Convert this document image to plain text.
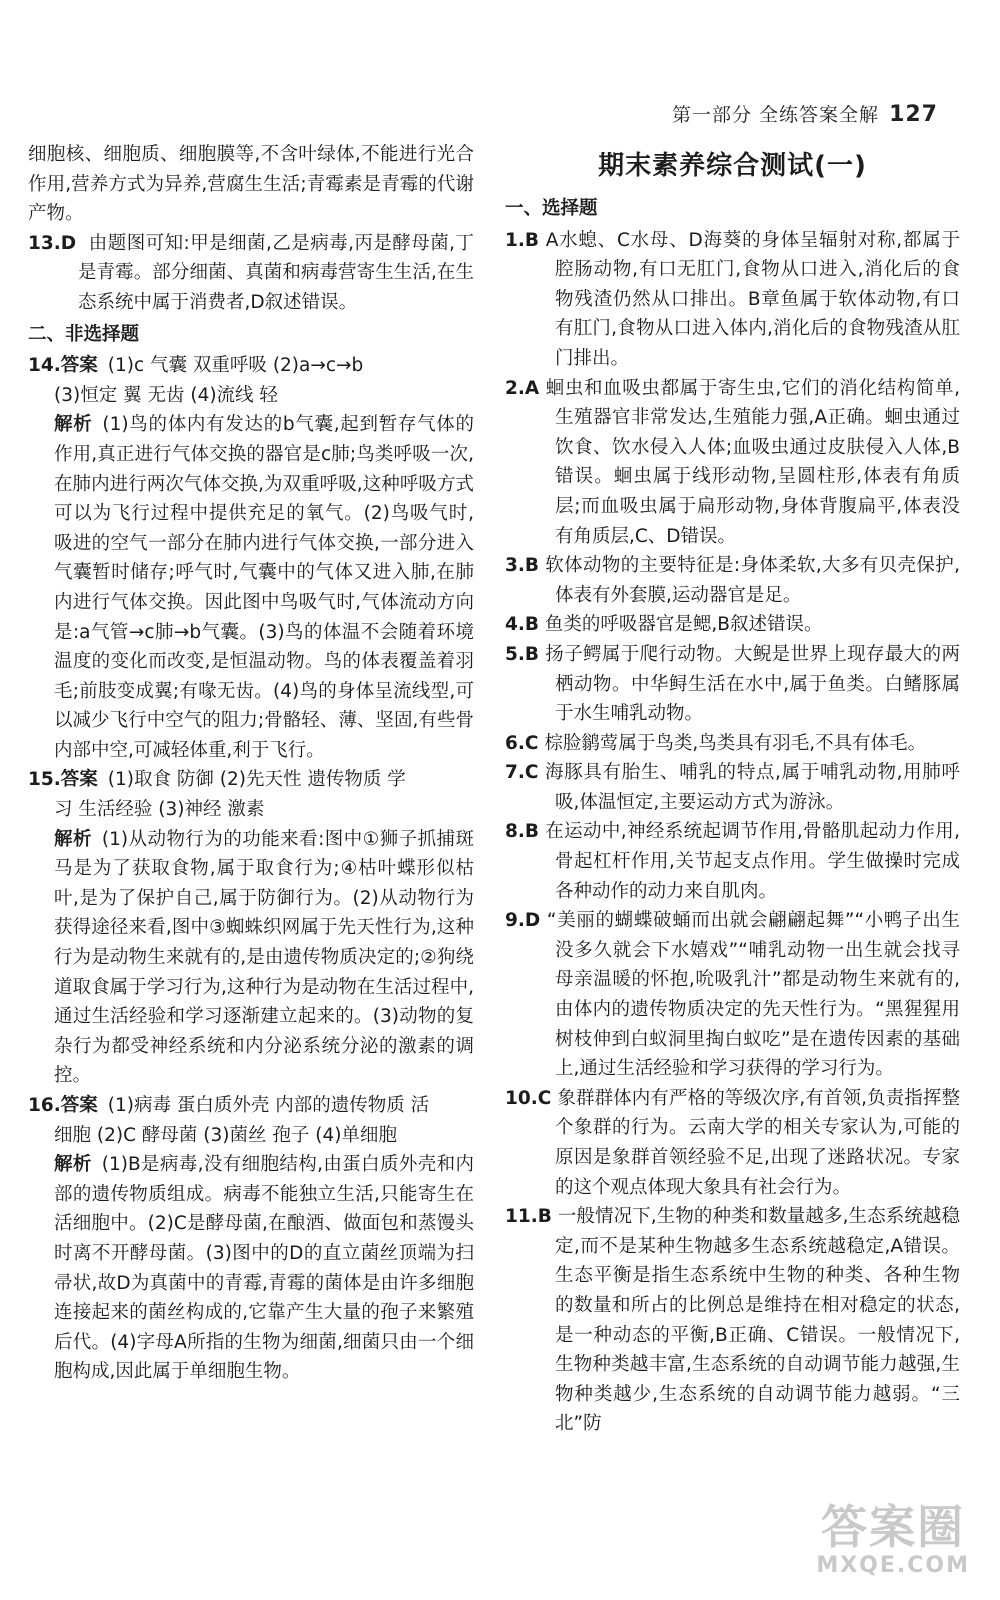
第一部分 全练答案全解 127

细胞核、细胞质、细胞膜等,不含叶绿体,不能进行光合作用,营养方式为异养,营腐生生活;青霉素是青霉的代谢产物。

13.D 由题图可知:甲是细菌,乙是病毒,丙是酵母菌,丁是青霉。部分细菌、真菌和病毒营寄生生活,在生态系统中属于消费者,D叙述错误。

二、非选择题

14.答案 (1)c 气囊 双重呼吸 (2)a→c→b

(3)恒定 翼 无齿 (4)流线 轻

解析 (1)鸟的体内有发达的b气囊,起到暂存气体的作用,真正进行气体交换的器官是c肺;鸟类呼吸一次,在肺内进行两次气体交换,为双重呼吸,这种呼吸方式可以为飞行过程中提供充足的氧气。(2)鸟吸气时,吸进的空气一部分在肺内进行气体交换,一部分进入气囊暂时储存;呼气时,气囊中的气体又进入肺,在肺内进行气体交换。因此图中鸟吸气时,气体流动方向是:a气管→c肺→b气囊。(3)鸟的体温不会随着环境温度的变化而改变,是恒温动物。鸟的体表覆盖着羽毛;前肢变成翼;有喙无齿。(4)鸟的身体呈流线型,可以减少飞行中空气的阻力;骨骼轻、薄、坚固,有些骨内部中空,可减轻体重,利于飞行。

15.答案 (1)取食 防御 (2)先天性 遗传物质 学

习 生活经验 (3)神经 激素

解析 (1)从动物行为的功能来看:图中①狮子抓捕斑马是为了获取食物,属于取食行为;④枯叶蝶形似枯叶,是为了保护自己,属于防御行为。(2)从动物行为获得途径来看,图中③蜘蛛织网属于先天性行为,这种行为是动物生来就有的,是由遗传物质决定的;②狗绕道取食属于学习行为,这种行为是动物在生活过程中,通过生活经验和学习逐渐建立起来的。(3)动物的复杂行为都受神经系统和内分泌系统分泌的激素的调控。

16.答案 (1)病毒 蛋白质外壳 内部的遗传物质 活

细胞 (2)C 酵母菌 (3)菌丝 孢子 (4)单细胞

解析 (1)B是病毒,没有细胞结构,由蛋白质外壳和内部的遗传物质组成。病毒不能独立生活,只能寄生在活细胞中。(2)C是酵母菌,在酿酒、做面包和蒸馒头时离不开酵母菌。(3)图中的D的直立菌丝顶端为扫帚状,故D为真菌中的青霉,青霉的菌体是由许多细胞连接起来的菌丝构成的,它靠产生大量的孢子来繁殖后代。(4)字母A所指的生物为细菌,细菌只由一个细胞构成,因此属于单细胞生物。

期末素养综合测试(一)

一、选择题

1.B A水螅、C水母、D海葵的身体呈辐射对称,都属于腔肠动物,有口无肛门,食物从口进入,消化后的食物残渣仍然从口排出。B章鱼属于软体动物,有口有肛门,食物从口进入体内,消化后的食物残渣从肛门排出。

2.A 蛔虫和血吸虫都属于寄生虫,它们的消化结构简单,生殖器官非常发达,生殖能力强,A正确。蛔虫通过饮食、饮水侵入人体;血吸虫通过皮肤侵入人体,B错误。蛔虫属于线形动物,呈圆柱形,体表有角质层;而血吸虫属于扁形动物,身体背腹扁平,体表没有角质层,C、D错误。

3.B 软体动物的主要特征是:身体柔软,大多有贝壳保护,体表有外套膜,运动器官是足。

4.B 鱼类的呼吸器官是鳃,B叙述错误。

5.B 扬子鳄属于爬行动物。大鲵是世界上现存最大的两栖动物。中华鲟生活在水中,属于鱼类。白鳍豚属于水生哺乳动物。

6.C 棕脸鹟莺属于鸟类,鸟类具有羽毛,不具有体毛。

7.C 海豚具有胎生、哺乳的特点,属于哺乳动物,用肺呼吸,体温恒定,主要运动方式为游泳。

8.B 在运动中,神经系统起调节作用,骨骼肌起动力作用,骨起杠杆作用,关节起支点作用。学生做操时完成各种动作的动力来自肌肉。

9.D “美丽的蝴蝶破蛹而出就会翩翩起舞”“小鸭子出生没多久就会下水嬉戏”“哺乳动物一出生就会找寻母亲温暖的怀抱,吮吸乳汁”都是动物生来就有的,由体内的遗传物质决定的先天性行为。“黑猩猩用树枝伸到白蚁洞里掏白蚁吃”是在遗传因素的基础上,通过生活经验和学习获得的学习行为。

10.C 象群群体内有严格的等级次序,有首领,负责指挥整个象群的行为。云南大学的相关专家认为,可能的原因是象群首领经验不足,出现了迷路状况。专家的这个观点体现大象具有社会行为。

11.B 一般情况下,生物的种类和数量越多,生态系统越稳定,而不是某种生物越多生态系统越稳定,A错误。生态平衡是指生态系统中生物的种类、各种生物的数量和所占的比例总是维持在相对稳定的状态,是一种动态的平衡,B正确、C错误。一般情况下,生物种类越丰富,生态系统的自动调节能力越强,生物种类越少,生态系统的自动调节能力越弱。“三北”防

答案圈
MXQE.COM
